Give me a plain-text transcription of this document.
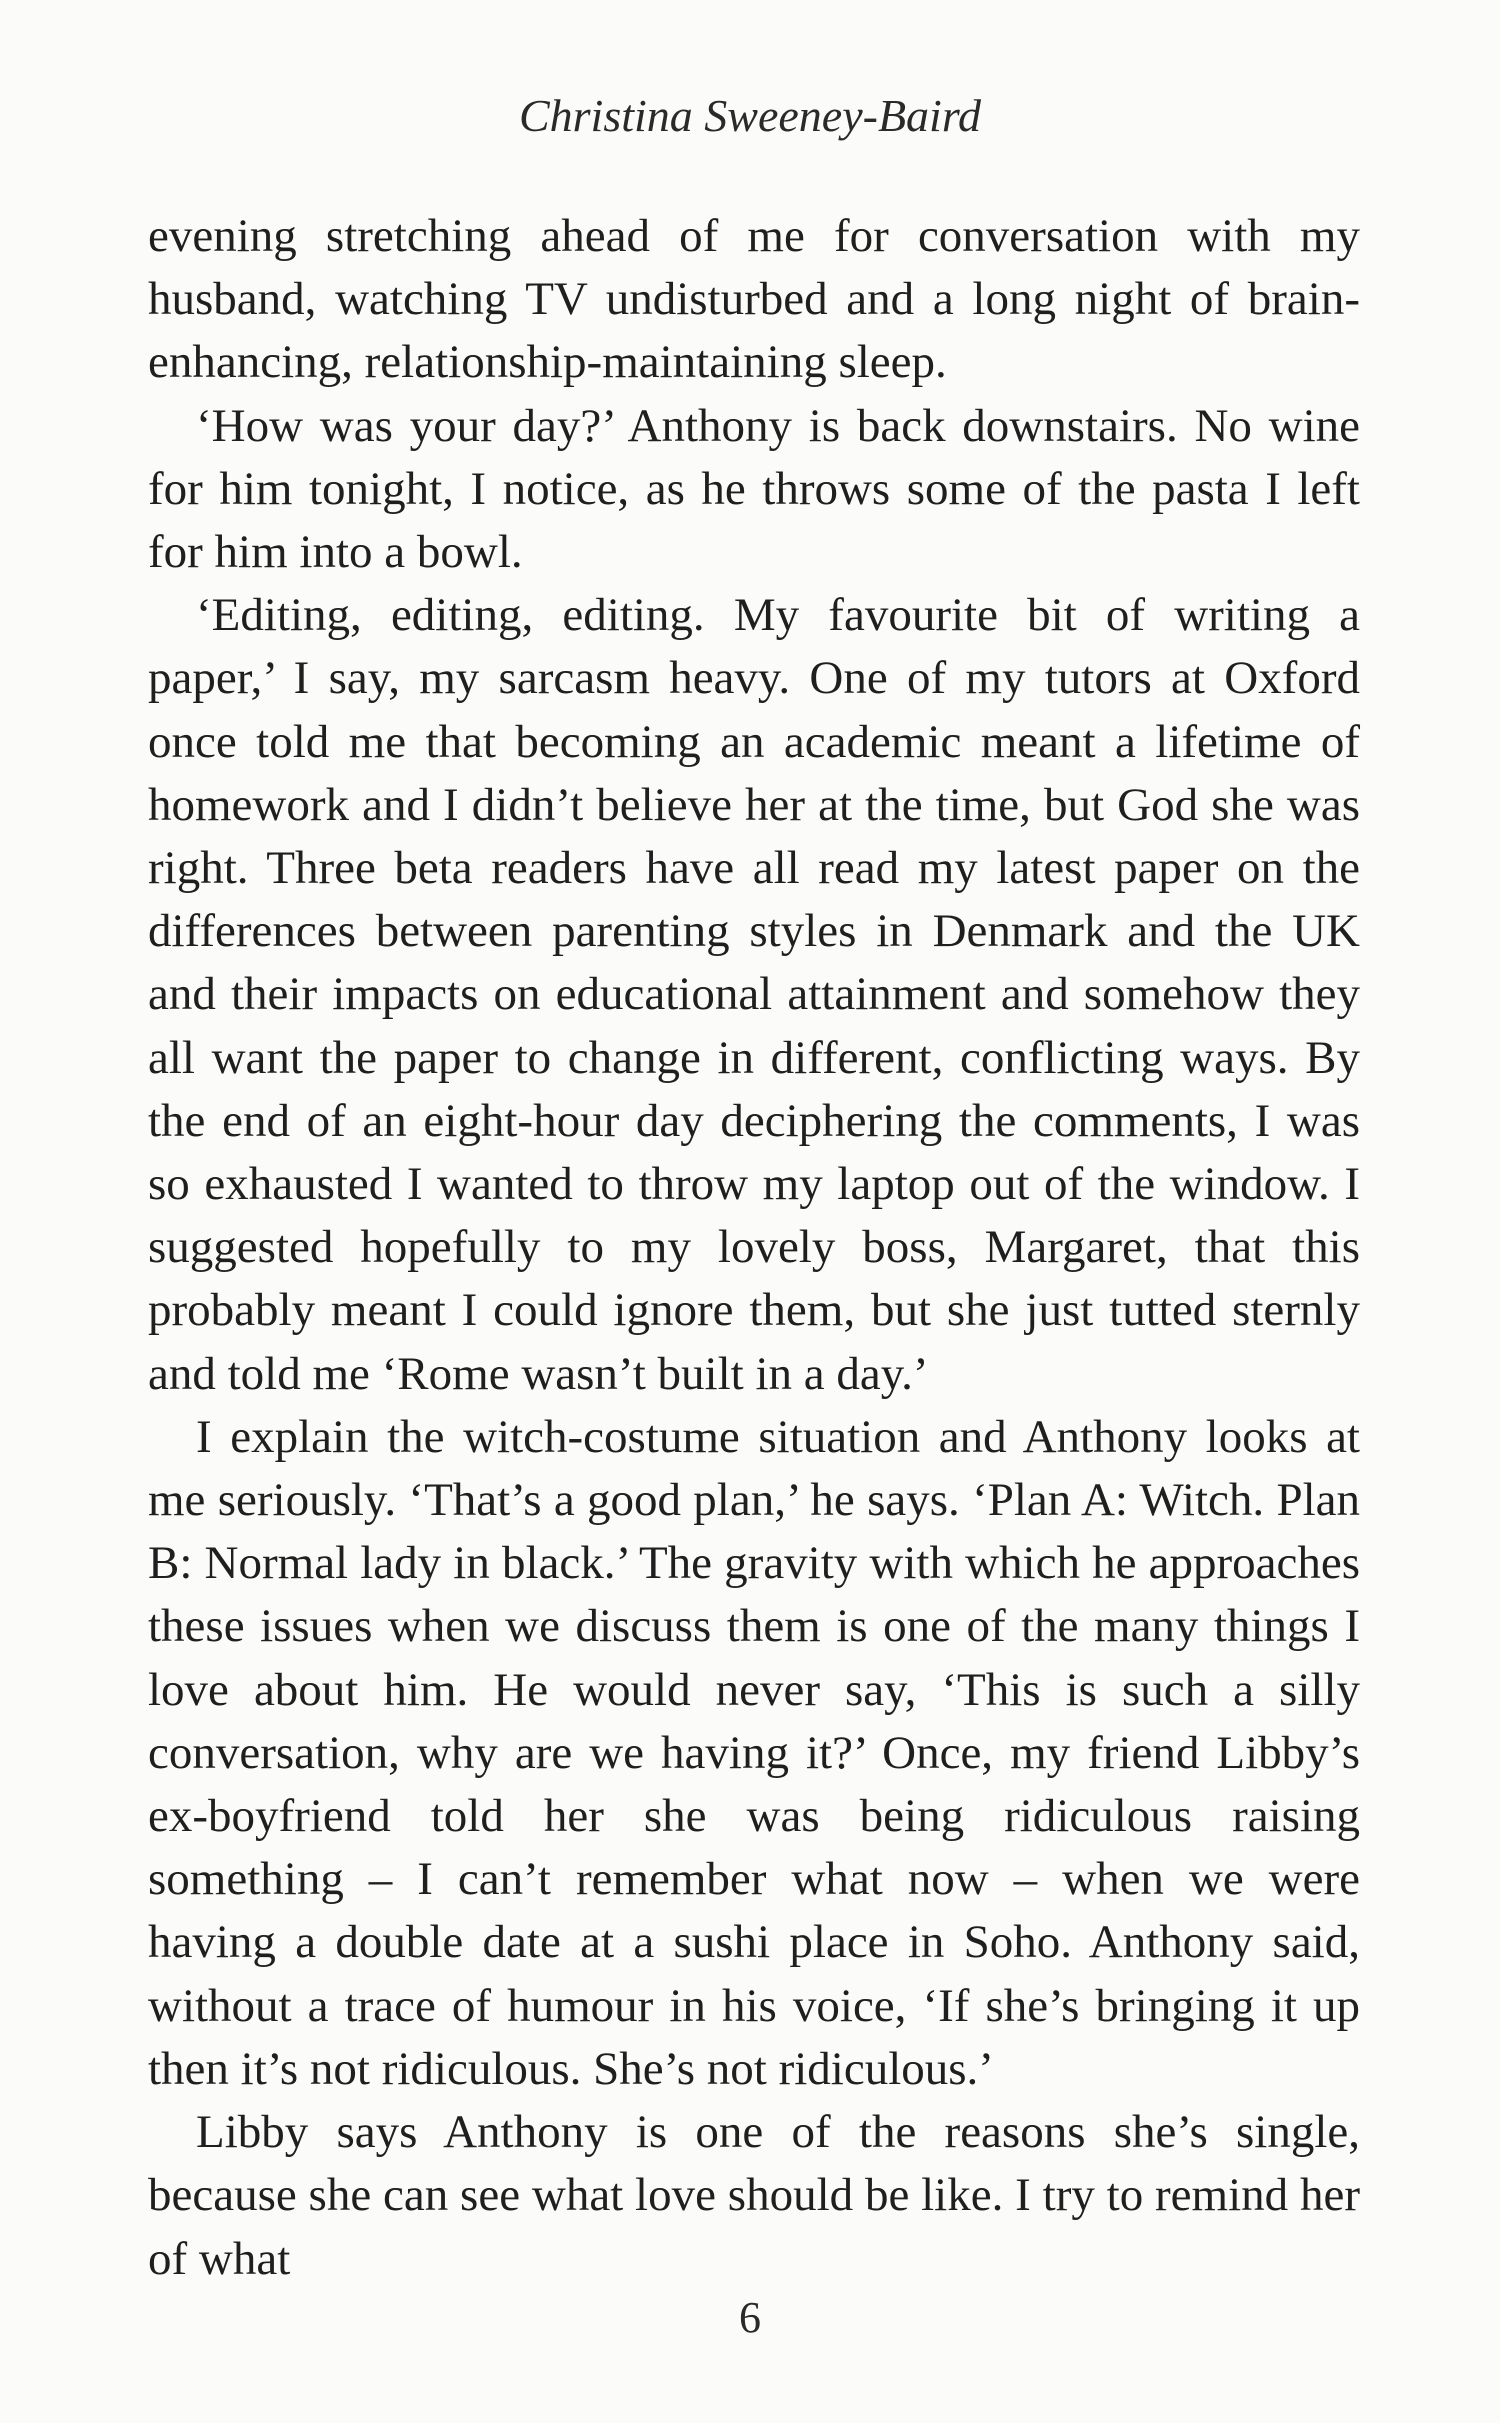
Christina Sweeney-Baird

evening stretching ahead of me for conversation with my husband, watching TV undisturbed and a long night of brain-enhancing, relationship-maintaining sleep.

‘How was your day?’ Anthony is back downstairs. No wine for him tonight, I notice, as he throws some of the pasta I left for him into a bowl.

‘Editing, editing, editing. My favourite bit of writing a paper,’ I say, my sarcasm heavy. One of my tutors at Oxford once told me that becoming an academic meant a lifetime of homework and I didn’t believe her at the time, but God she was right. Three beta readers have all read my latest paper on the differences between parenting styles in Denmark and the UK and their impacts on educational attainment and somehow they all want the paper to change in different, conflicting ways. By the end of an eight-hour day deciphering the comments, I was so exhausted I wanted to throw my laptop out of the window. I suggested hopefully to my lovely boss, Margaret, that this probably meant I could ignore them, but she just tutted sternly and told me ‘Rome wasn’t built in a day.’

I explain the witch-costume situation and Anthony looks at me seriously. ‘That’s a good plan,’ he says. ‘Plan A: Witch. Plan B: Normal lady in black.’ The gravity with which he approaches these issues when we discuss them is one of the many things I love about him. He would never say, ‘This is such a silly conversation, why are we having it?’ Once, my friend Libby’s ex-boyfriend told her she was being ridiculous raising something – I can’t remember what now – when we were having a double date at a sushi place in Soho. Anthony said, without a trace of humour in his voice, ‘If she’s bringing it up then it’s not ridiculous. She’s not ridiculous.’

Libby says Anthony is one of the reasons she’s single, because she can see what love should be like. I try to remind her of what

6
